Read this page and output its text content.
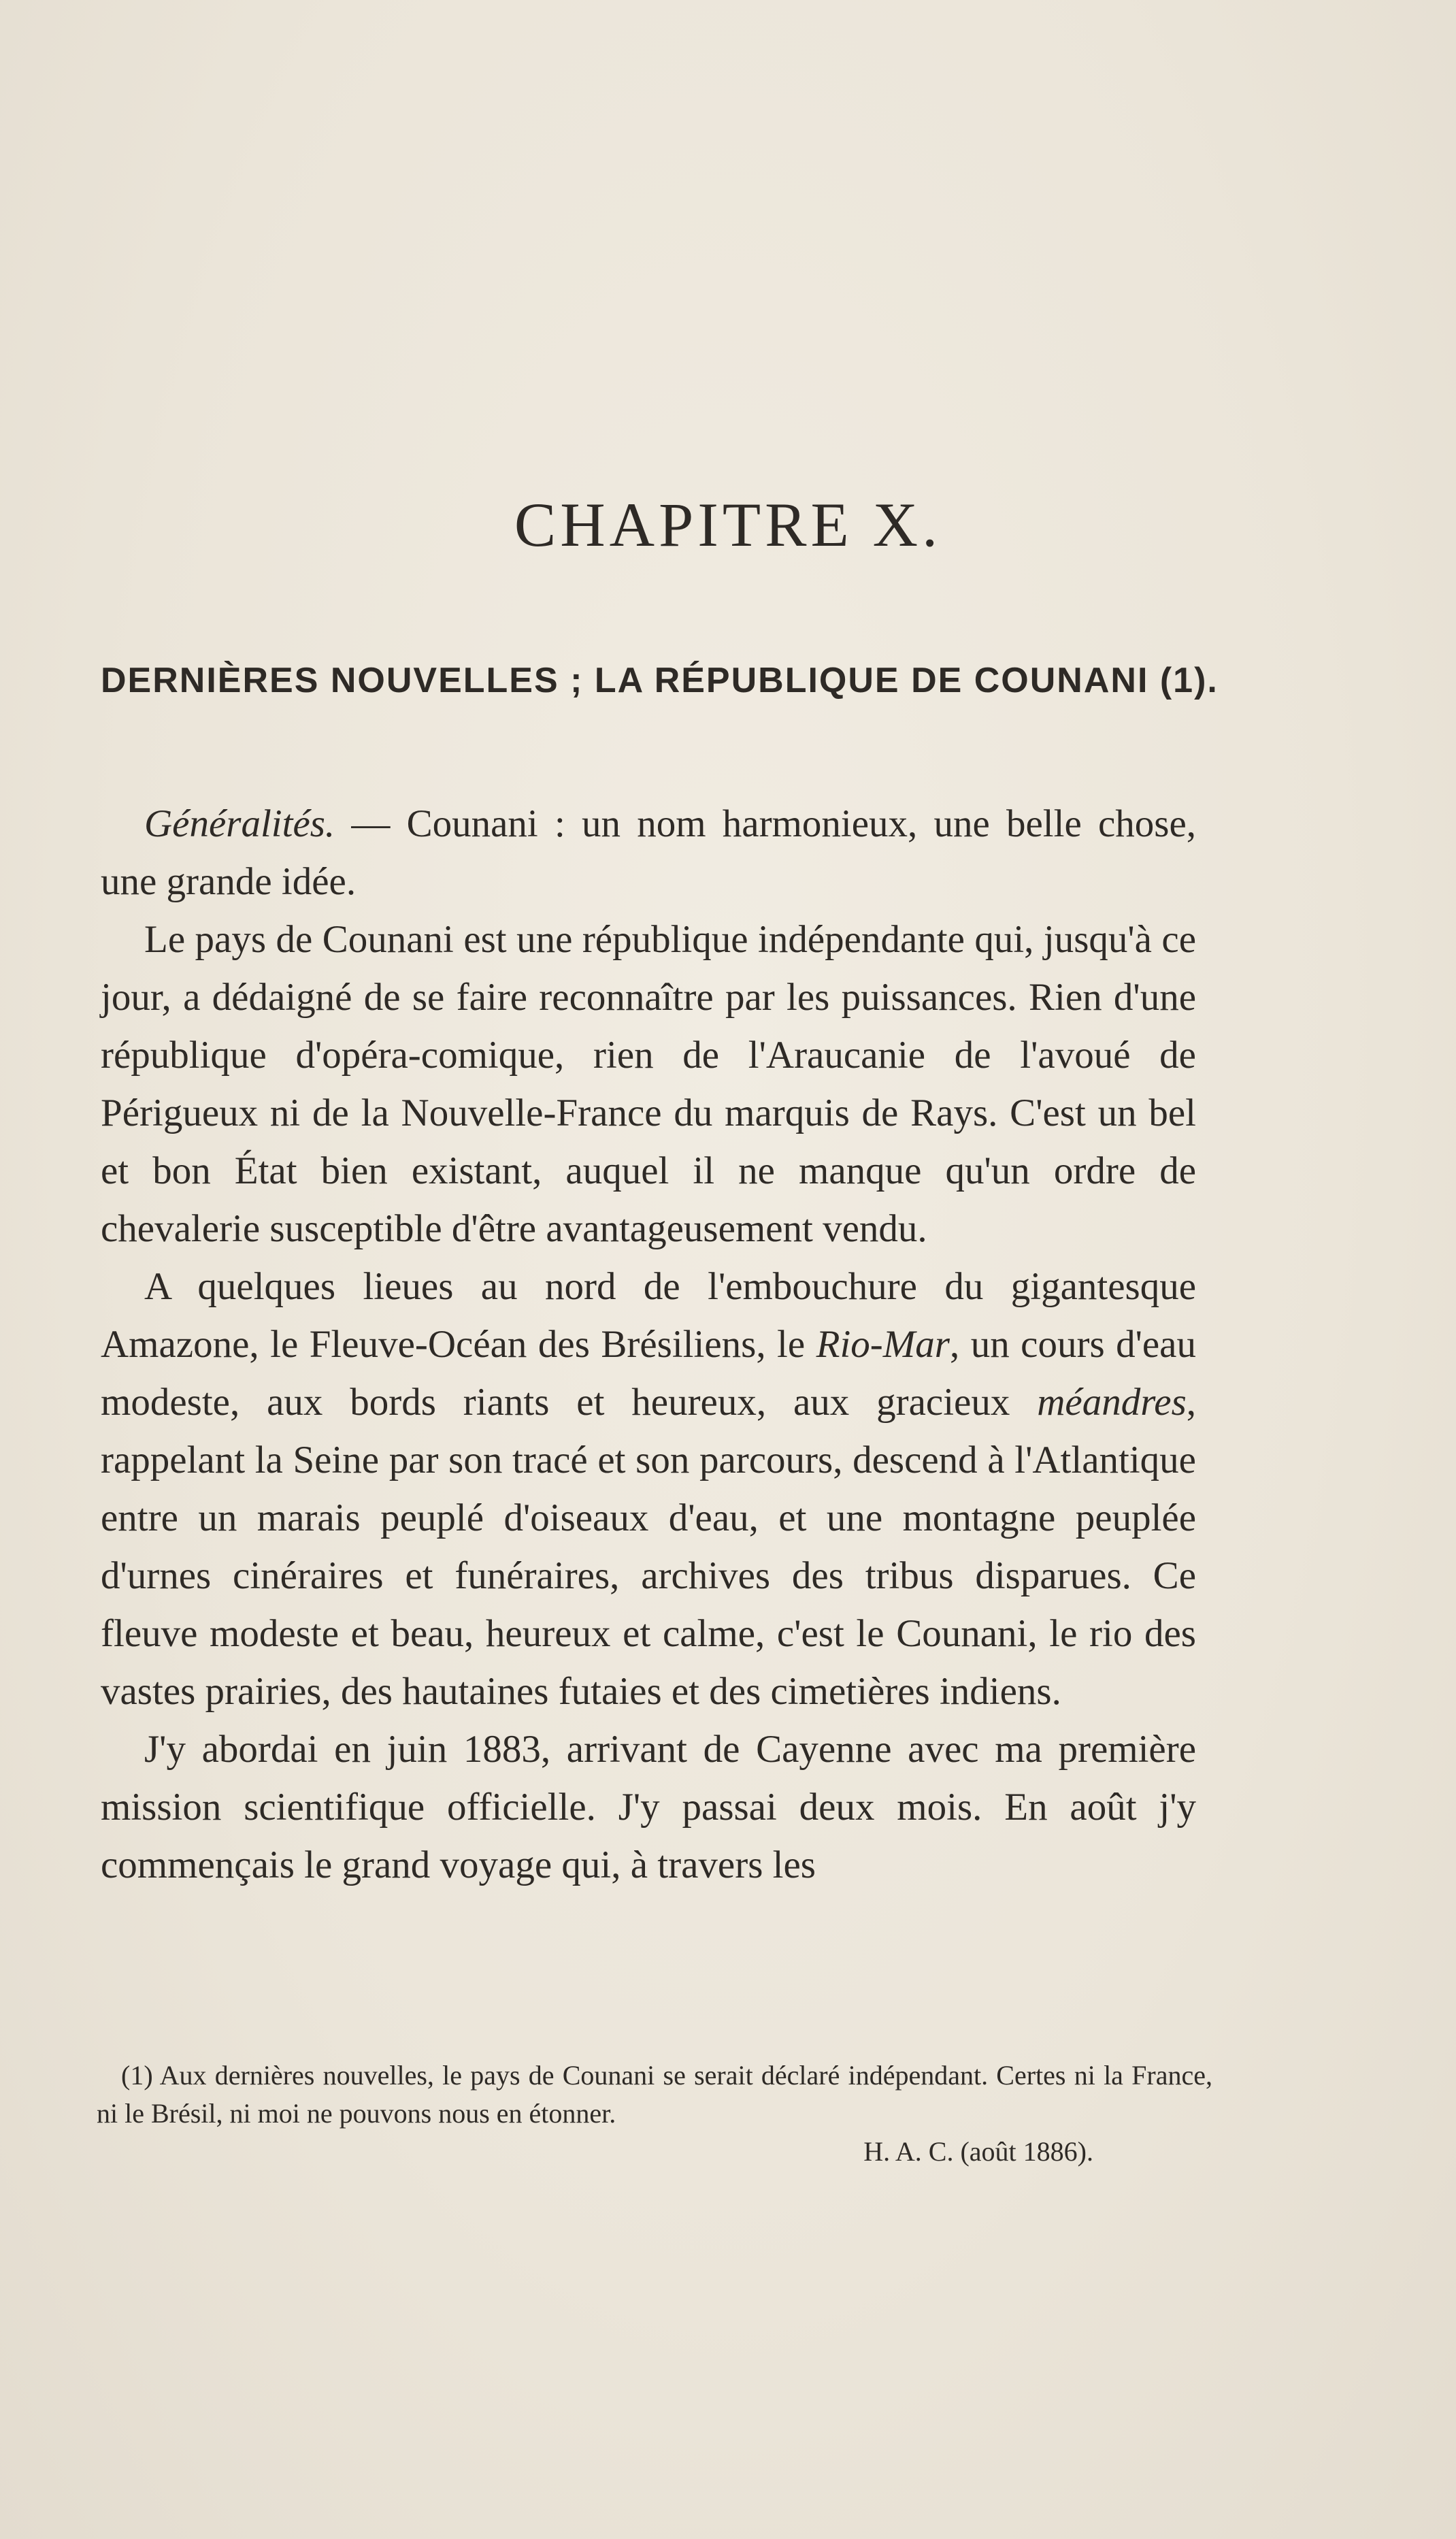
CHAPITRE X.
DERNIÈRES NOUVELLES ; LA RÉPUBLIQUE DE COUNANI (1).

Généralités. — Counani : un nom harmonieux, une belle chose, une grande idée.

Le pays de Counani est une république indépendante qui, jusqu'à ce jour, a dédaigné de se faire reconnaître par les puissances. Rien d'une république d'opéra-comique, rien de l'Araucanie de l'avoué de Périgueux ni de la Nouvelle-France du marquis de Rays. C'est un bel et bon État bien existant, auquel il ne manque qu'un ordre de chevalerie susceptible d'être avantageusement vendu.

A quelques lieues au nord de l'embouchure du gigantesque Amazone, le Fleuve-Océan des Brésiliens, le Rio-Mar, un cours d'eau modeste, aux bords riants et heureux, aux gracieux méandres, rappelant la Seine par son tracé et son parcours, descend à l'Atlantique entre un marais peuplé d'oiseaux d'eau, et une montagne peuplée d'urnes cinéraires et funéraires, archives des tribus disparues. Ce fleuve modeste et beau, heureux et calme, c'est le Counani, le rio des vastes prairies, des hautaines futaies et des cimetières indiens.

J'y abordai en juin 1883, arrivant de Cayenne avec ma première mission scientifique officielle. J'y passai deux mois. En août j'y commençais le grand voyage qui, à travers les

(1) Aux dernières nouvelles, le pays de Counani se serait déclaré indépendant. Certes ni la France, ni le Brésil, ni moi ne pouvons nous en étonner.

H. A. C. (août 1886).
